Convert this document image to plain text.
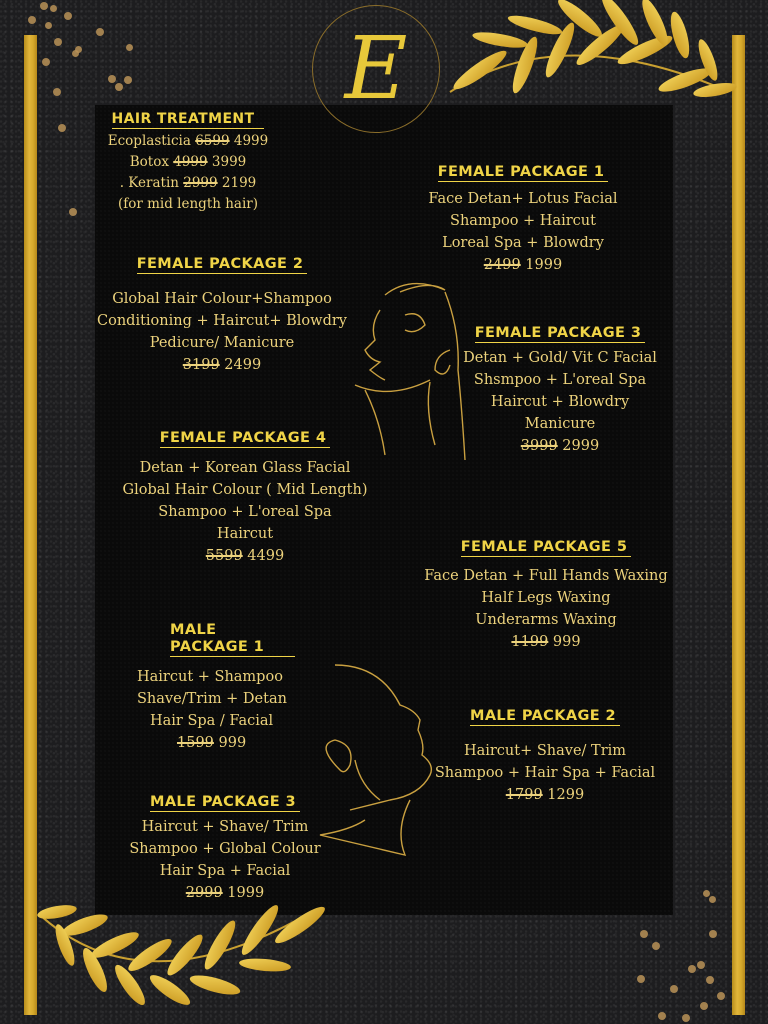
E
HAIR TREATMENT
Ecoplasticia 6599 4999
Botox 4999 3999
. Keratin 2999 2199
(for mid length hair)
FEMALE PACKAGE 1
Face Detan+ Lotus Facial
Shampoo + Haircut
Loreal Spa + Blowdry
2499 1999
FEMALE PACKAGE 2
Global Hair Colour+Shampoo
Conditioning + Haircut+ Blowdry
Pedicure/ Manicure
3199 2499
FEMALE PACKAGE 3
Detan + Gold/ Vit C Facial
Shsmpoo + L'oreal Spa
Haircut + Blowdry
Manicure
3999 2999
FEMALE PACKAGE 4
Detan + Korean Glass Facial
Global Hair Colour ( Mid Length)
Shampoo + L'oreal Spa
Haircut
5599 4499
FEMALE PACKAGE 5
Face Detan + Full Hands Waxing
Half Legs Waxing
Underarms Waxing
1199 999
MALE PACKAGE 1
Haircut + Shampoo
Shave/Trim + Detan
Hair Spa / Facial
1599 999
MALE PACKAGE 2
Haircut+ Shave/ Trim
Shampoo + Hair Spa + Facial
1799 1299
MALE PACKAGE 3
Haircut + Shave/ Trim
Shampoo + Global Colour
Hair Spa + Facial
2999 1999
